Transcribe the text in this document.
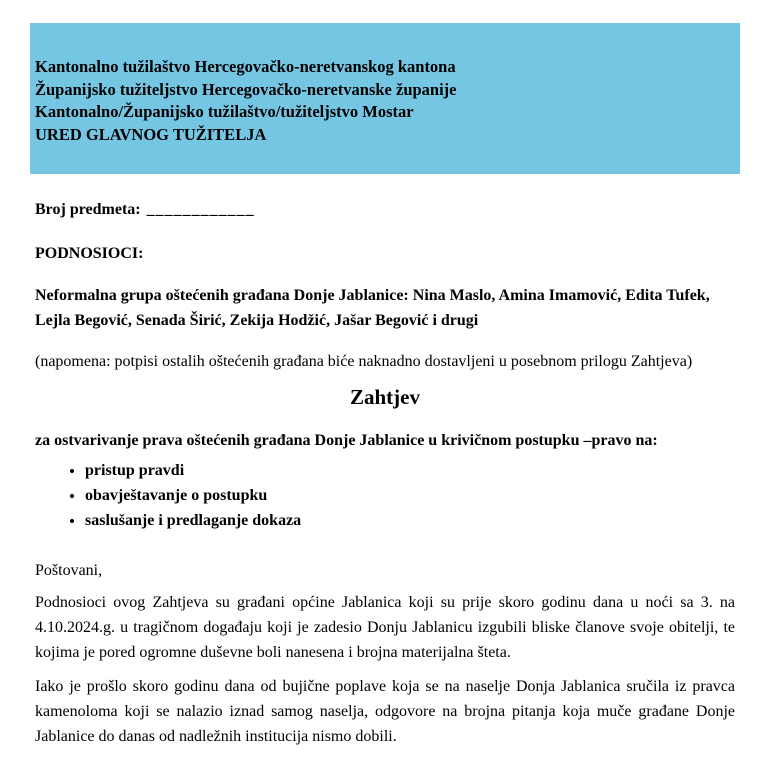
Kantonalno tužilaštvo Hercegovačko-neretvanskog kantona
Županijsko tužiteljstvo Hercegovačko-neretvanske županije
Kantonalno/Županijsko tužilaštvo/tužiteljstvo Mostar
URED GLAVNOG TUŽITELJA

Broj predmeta: ____________

PODNOSIOCI:

Neformalna grupa oštećenih građana Donje Jablanice: Nina Maslo, Amina Imamović, Edita Tufek, Lejla Begović, Senada Širić, Zekija Hodžić, Jašar Begović i drugi

(napomena: potpisi ostalih oštećenih građana biće naknadno dostavljeni u posebnom prilogu Zahtjeva)

Zahtjev

za ostvarivanje prava oštećenih građana Donje Jablanice u krivičnom postupku –pravo na:

• pristup pravdi
• obavještavanje o postupku
• saslušanje i predlaganje dokaza

Poštovani,

Podnosioci ovog Zahtjeva su građani općine Jablanica koji su prije skoro godinu dana u noći sa 3. na 4.10.2024.g. u tragičnom događaju koji je zadesio Donju Jablanicu izgubili bliske članove svoje obitelji, te kojima je pored ogromne duševne boli nanesena i brojna materijalna šteta.

Iako je prošlo skoro godinu dana od bujične poplave koja se na naselje Donja Jablanica sručila iz pravca kamenoloma koji se nalazio iznad samog naselja, odgovore na brojna pitanja koja muče građane Donje Jablanice do danas od nadležnih institucija nismo dobili.
